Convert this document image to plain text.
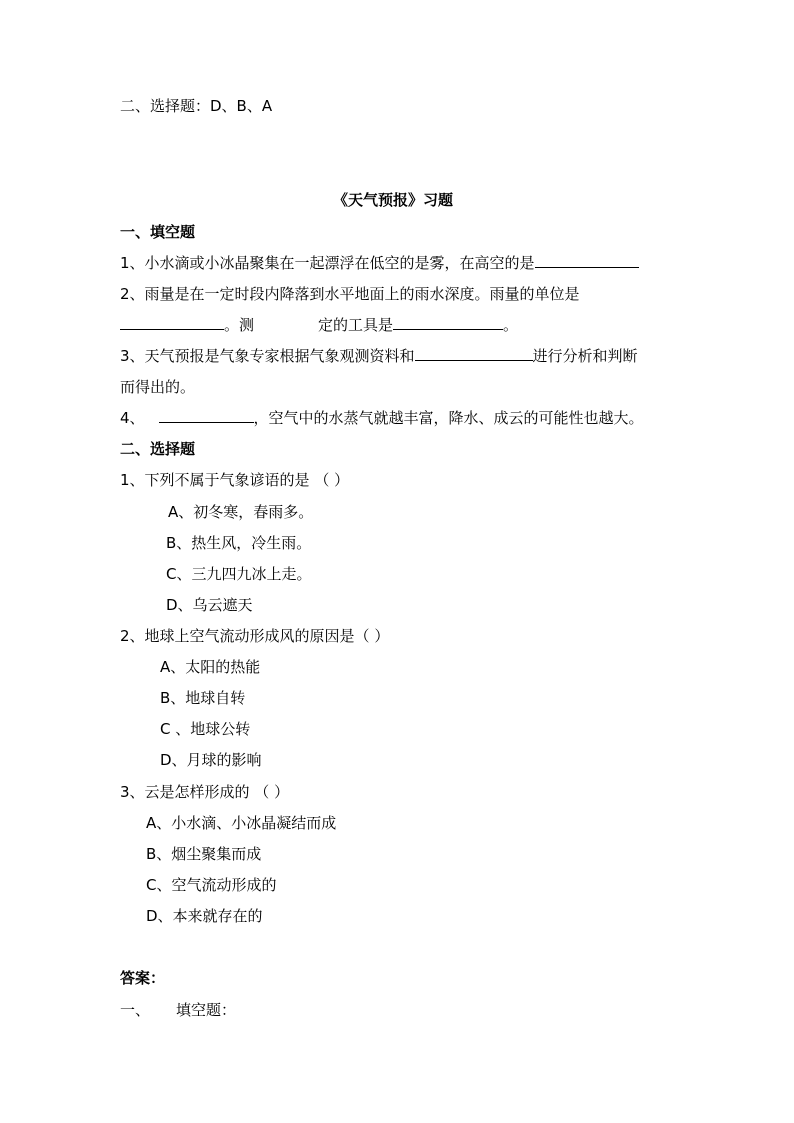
二、选择题：D、B、A
《天气预报》习题
一、填空题
1、小水滴或小冰晶聚集在一起漂浮在低空的是雾，在高空的是
2、雨量是在一定时段内降落到水平地面上的雨水深度。雨量的单位是
。测	定的工具是	。
3、天气预报是气象专家根据气象观测资料和	进行分析和判断
而得出的。
4、	，空气中的水蒸气就越丰富，降水、成云的可能性也越大。
二、选择题
1、下列不属于气象谚语的是 （ ）
A、初冬寒，春雨多。
B、热生风，冷生雨。
C、三九四九冰上走。
D、乌云遮天
2、地球上空气流动形成风的原因是（ ）
A、太阳的热能
B、地球自转
C 、地球公转
D、月球的影响
3、云是怎样形成的 （ ）
A、小水滴、小冰晶凝结而成
B、烟尘聚集而成
C、空气流动形成的
D、本来就存在的
答案：
一、 填空题：
